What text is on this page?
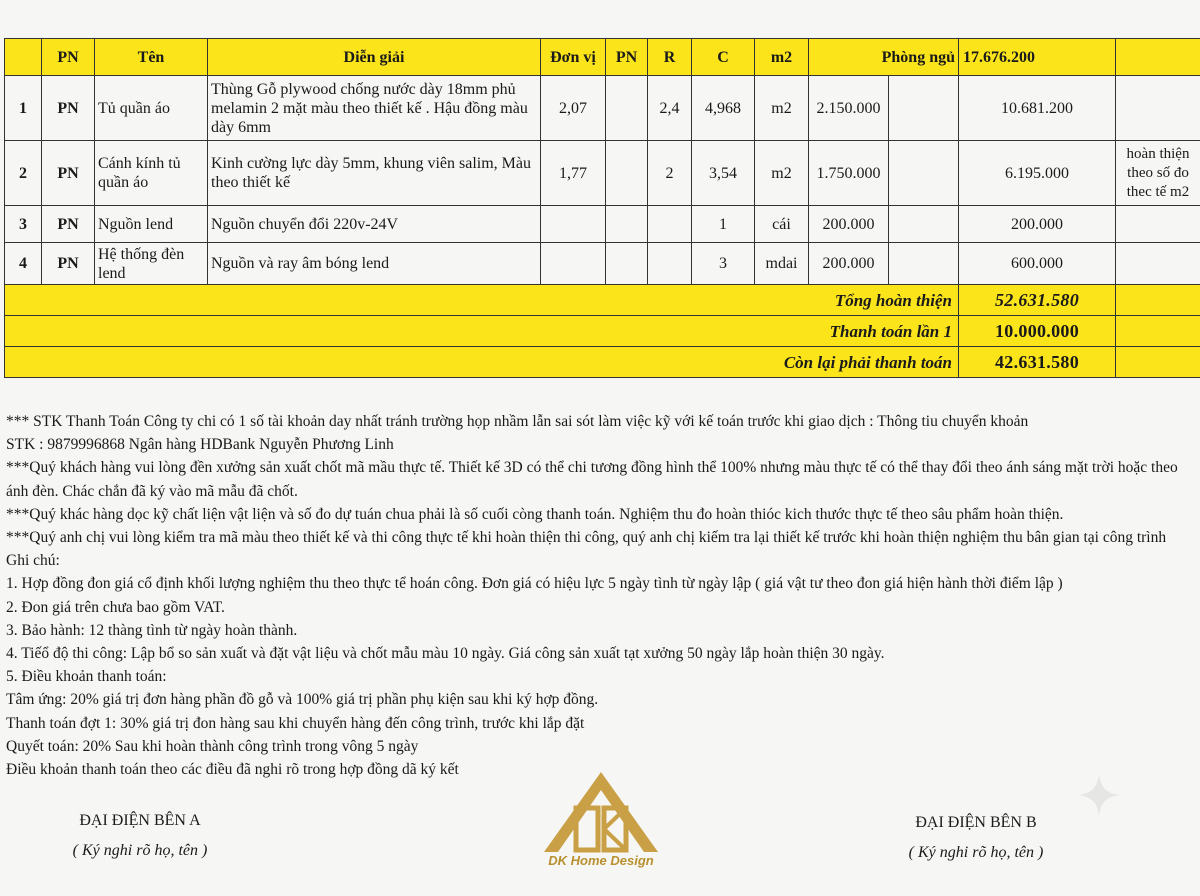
	PN	Tên	Diễn giải	Đơn vị	PN	R	C	m2	Phòng ngủ		17.676.200	
1	PN	Tủ quần áo	Thùng Gỗ plywood chống nước dày 18mm phủ melamin 2 mặt màu theo thiết kế . Hậu đồng màu dày 6mm	2,07		2,4	4,968	m2	2.150.000		10.681.200	
2	PN	Cánh kính tủ quần áo	Kinh cường lực dày 5mm, khung viên salim, Màu theo thiết kế	1,77		2	3,54	m2	1.750.000		6.195.000	hoàn thiện theo số đo thec tế m2
3	PN	Nguồn lend	Nguồn chuyển đổi 220v-24V				1	cái	200.000		200.000	
4	PN	Hệ thống đèn lend	Nguồn và ray âm bóng lend				3	mdai	200.000		600.000	
Tổng hoàn thiện											52.631.580	
Thanh toán lần 1											10.000.000	
Còn lại phải thanh toán											42.631.580	

*** STK Thanh Toán Công ty chi có 1 số tài khoản day nhất tránh trường họp nhầm lẫn sai sót làm việc kỹ với kế toán trước khi giao dịch : Thông tiu chuyển khoản

STK : 9879996868 Ngân hàng HDBank Nguyễn Phương Linh

***Quý khách hàng vui lòng đền xưởng sản xuất chốt mã mầu thực tế. Thiết kế 3D có thể chi tương đồng hình thể 100% nhưng màu thực tế có thể thay đổi theo ánh sáng mặt trời hoặc theo ánh đèn. Chác chắn đã ký vào mã mẫu đã chốt.

***Quý khác hàng dọc kỹ chất liện vật liện và số đo dự tuán chua phải là số cuối còng thanh toán. Nghiệm thu đo hoàn thióc kich thước thực tế theo sâu phẩm hoàn thiện.

***Quý anh chị vui lòng kiểm tra mã màu theo thiết kế và thi công thực tế khi hoàn thiện thi công, quý anh chị kiếm tra lại thiết kế trước khi hoàn thiện nghiệm thu bân gian tại công trình

Ghi chú:

1. Hợp đồng đon giá cổ định khối lượng nghiệm thu theo thực tể hoán công. Đơn giá có hiệu lực 5 ngày tình từ ngày lập ( giá vật tư theo đon giá hiện hành thời điểm lập )

2. Đon giá trên chưa bao gồm VAT.

3. Bảo hành: 12 thàng tình từ ngày hoàn thành.

4. Tiếổ độ thi công: Lập bổ so sản xuất và đặt vật liệu và chốt mẫu màu 10 ngày. Giá công sản xuất tạt xưởng 50 ngày lắp hoàn thiện 30 ngày.

5. Điều khoản thanh toán:

Tâm ứng: 20% giá trị đơn hàng phần đồ gỗ và 100% giá trị phần phụ kiện sau khi ký hợp đồng.

Thanh toán đợt 1: 30% giá trị đon hàng sau khi chuyển hàng đến công trình, trước khi lắp đặt

Quyết toán: 20% Sau khi hoàn thành công trình trong vông 5 ngày

Điều khoản thanh toán theo các điều đã nghi rõ trong hợp đồng dã ký kết

ĐẠI ĐIỆN BÊN A
( Ký nghi rõ họ, tên )
ĐẠI ĐIỆN BÊN B
( Ký nghi rõ họ, tên )
DK Home Design
